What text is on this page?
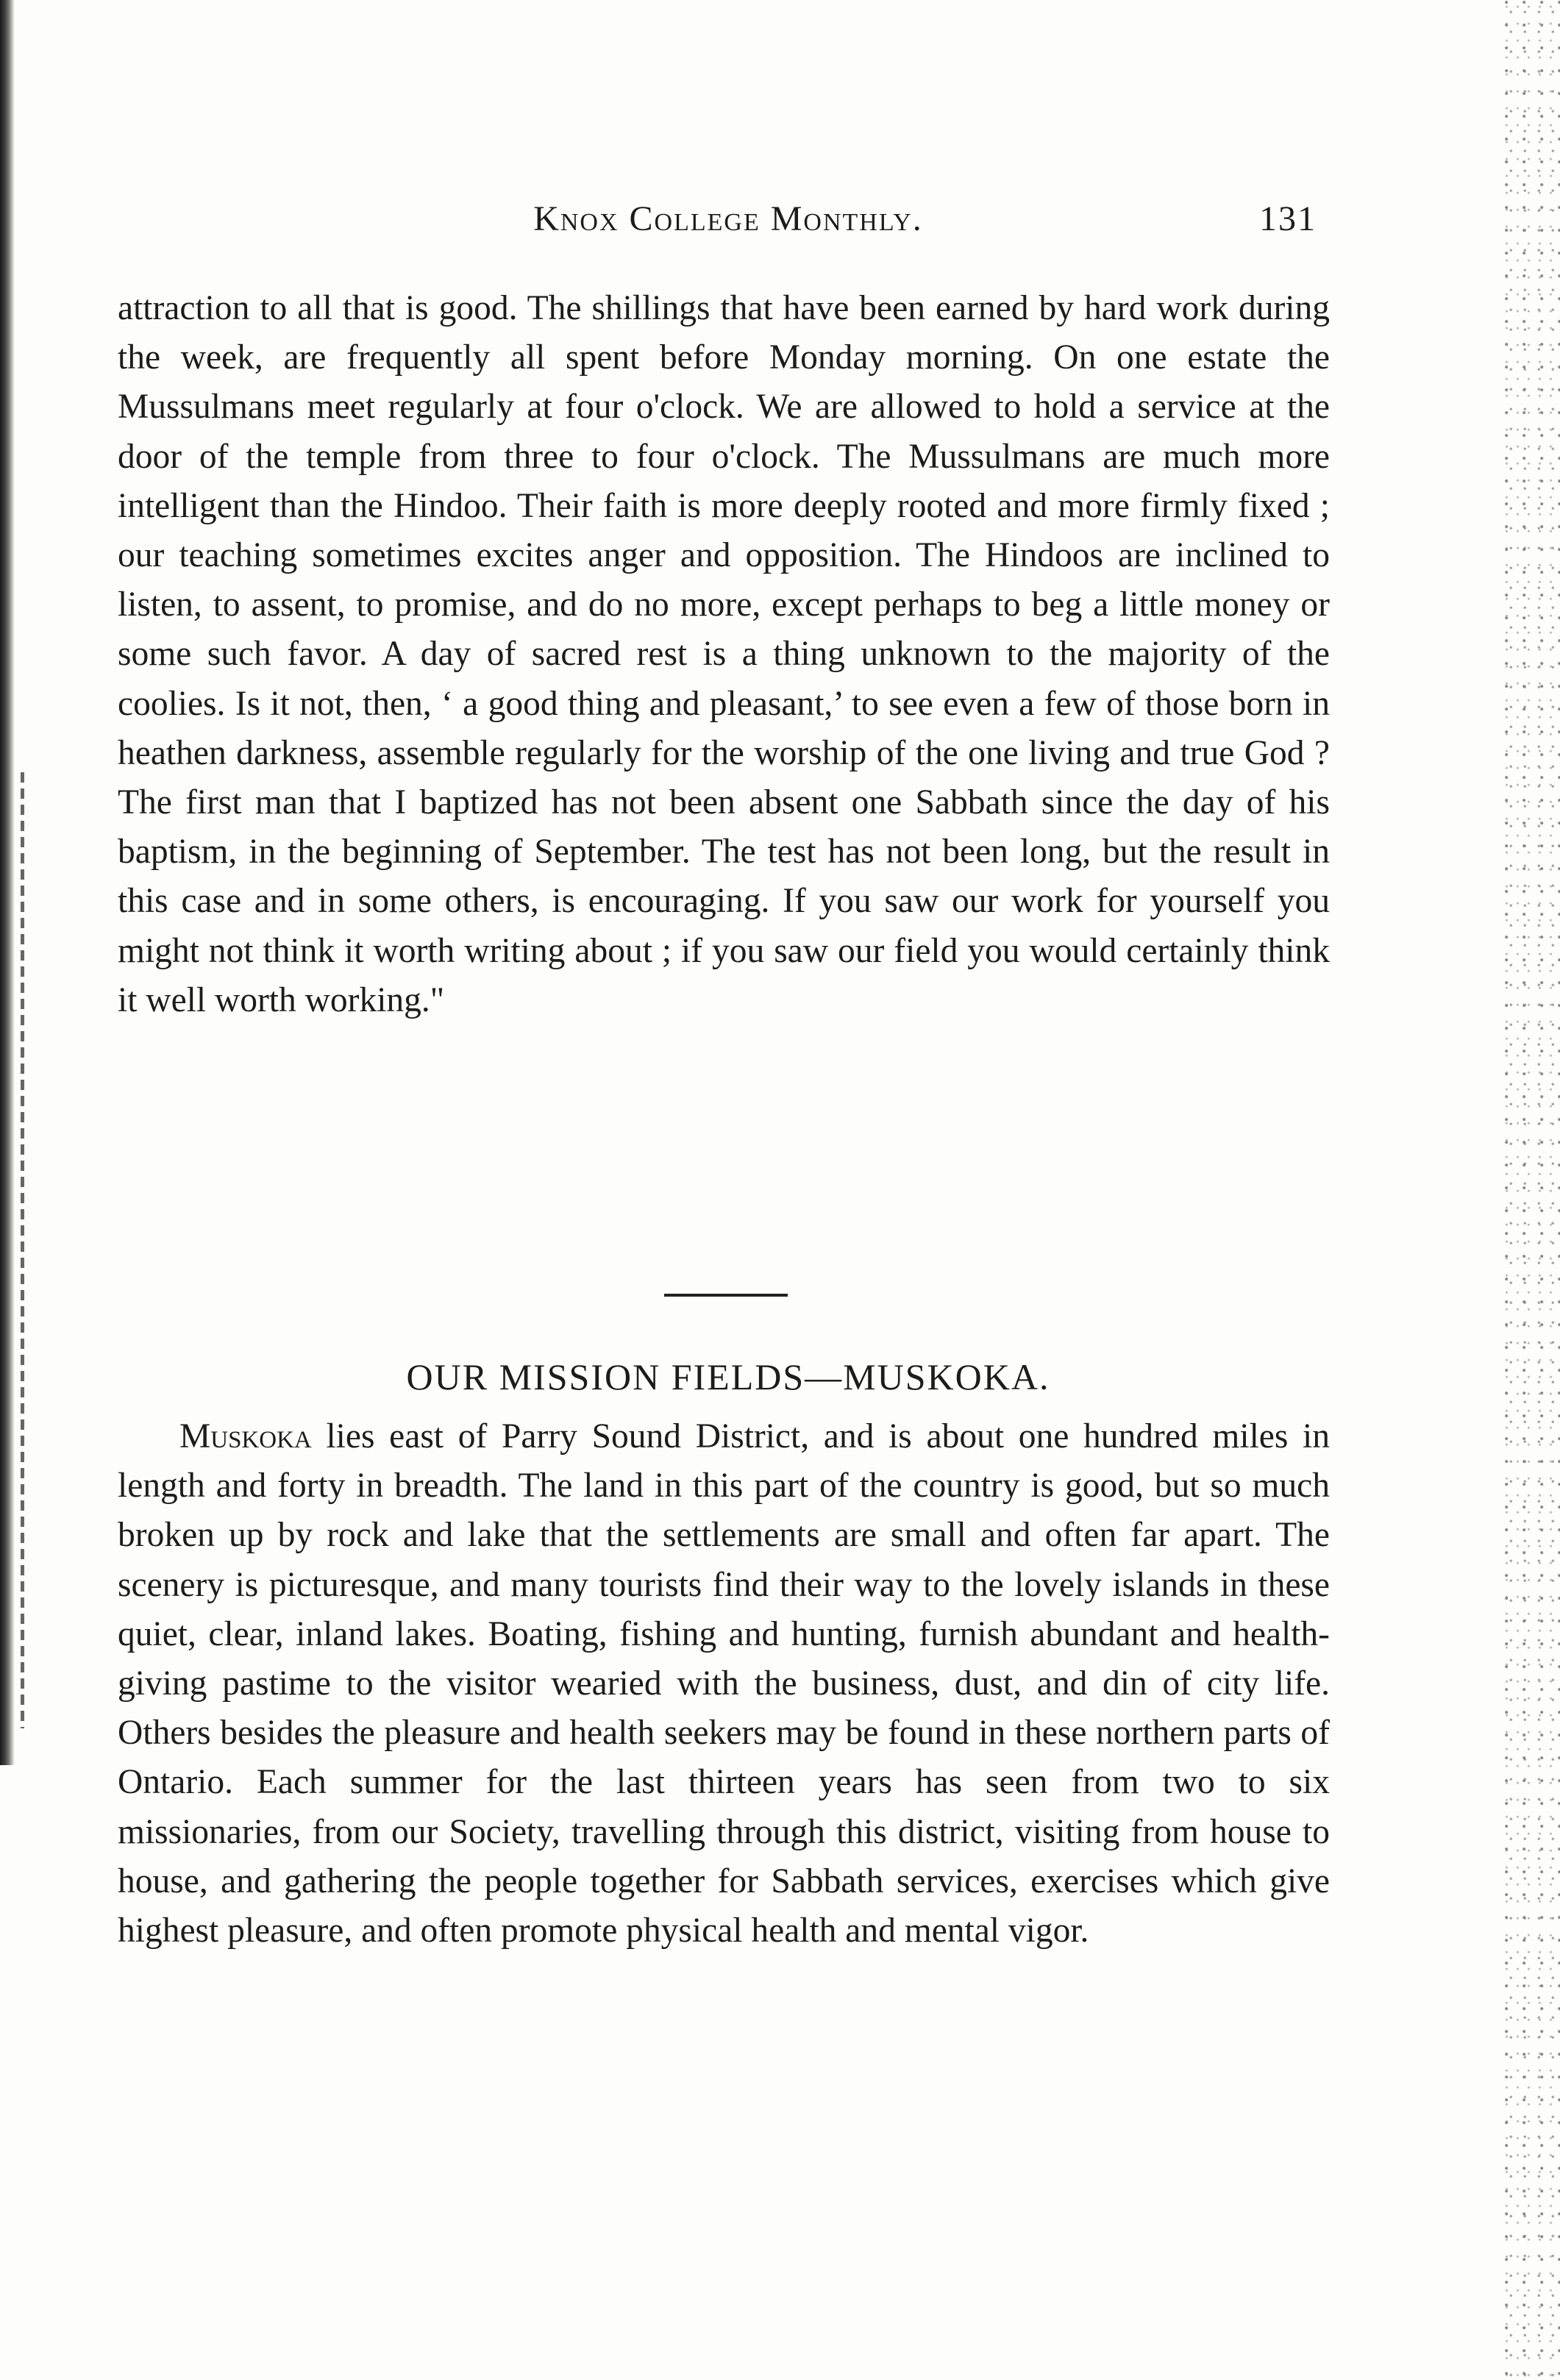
Knox College Monthly.	131

attraction to all that is good. The shillings that have been earned by hard work during the week, are frequently all spent before Monday morning. On one estate the Mussulmans meet regularly at four o'clock. We are allowed to hold a service at the door of the temple from three to four o'clock. The Mussulmans are much more intelligent than the Hindoo. Their faith is more deeply rooted and more firmly fixed ; our teaching sometimes excites anger and opposition. The Hindoos are inclined to listen, to assent, to promise, and do no more, except perhaps to beg a little money or some such favor. A day of sacred rest is a thing unknown to the majority of the coolies. Is it not, then, ‘ a good thing and pleasant,’ to see even a few of those born in heathen darkness, assemble regularly for the worship of the one living and true God ? The first man that I baptized has not been absent one Sabbath since the day of his baptism, in the beginning of September. The test has not been long, but the result in this case and in some others, is encouraging. If you saw our work for yourself you might not think it worth writing about ; if you saw our field you would certainly think it well worth working."

OUR MISSION FIELDS—MUSKOKA.

Muskoka lies east of Parry Sound District, and is about one hundred miles in length and forty in breadth. The land in this part of the country is good, but so much broken up by rock and lake that the settlements are small and often far apart. The scenery is picturesque, and many tourists find their way to the lovely islands in these quiet, clear, inland lakes. Boating, fishing and hunting, furnish abundant and health-giving pastime to the visitor wearied with the business, dust, and din of city life. Others besides the pleasure and health seekers may be found in these northern parts of Ontario. Each summer for the last thirteen years has seen from two to six missionaries, from our Society, travelling through this district, visiting from house to house, and gathering the people together for Sabbath services, exercises which give highest pleasure, and often promote physical health and mental vigor.
